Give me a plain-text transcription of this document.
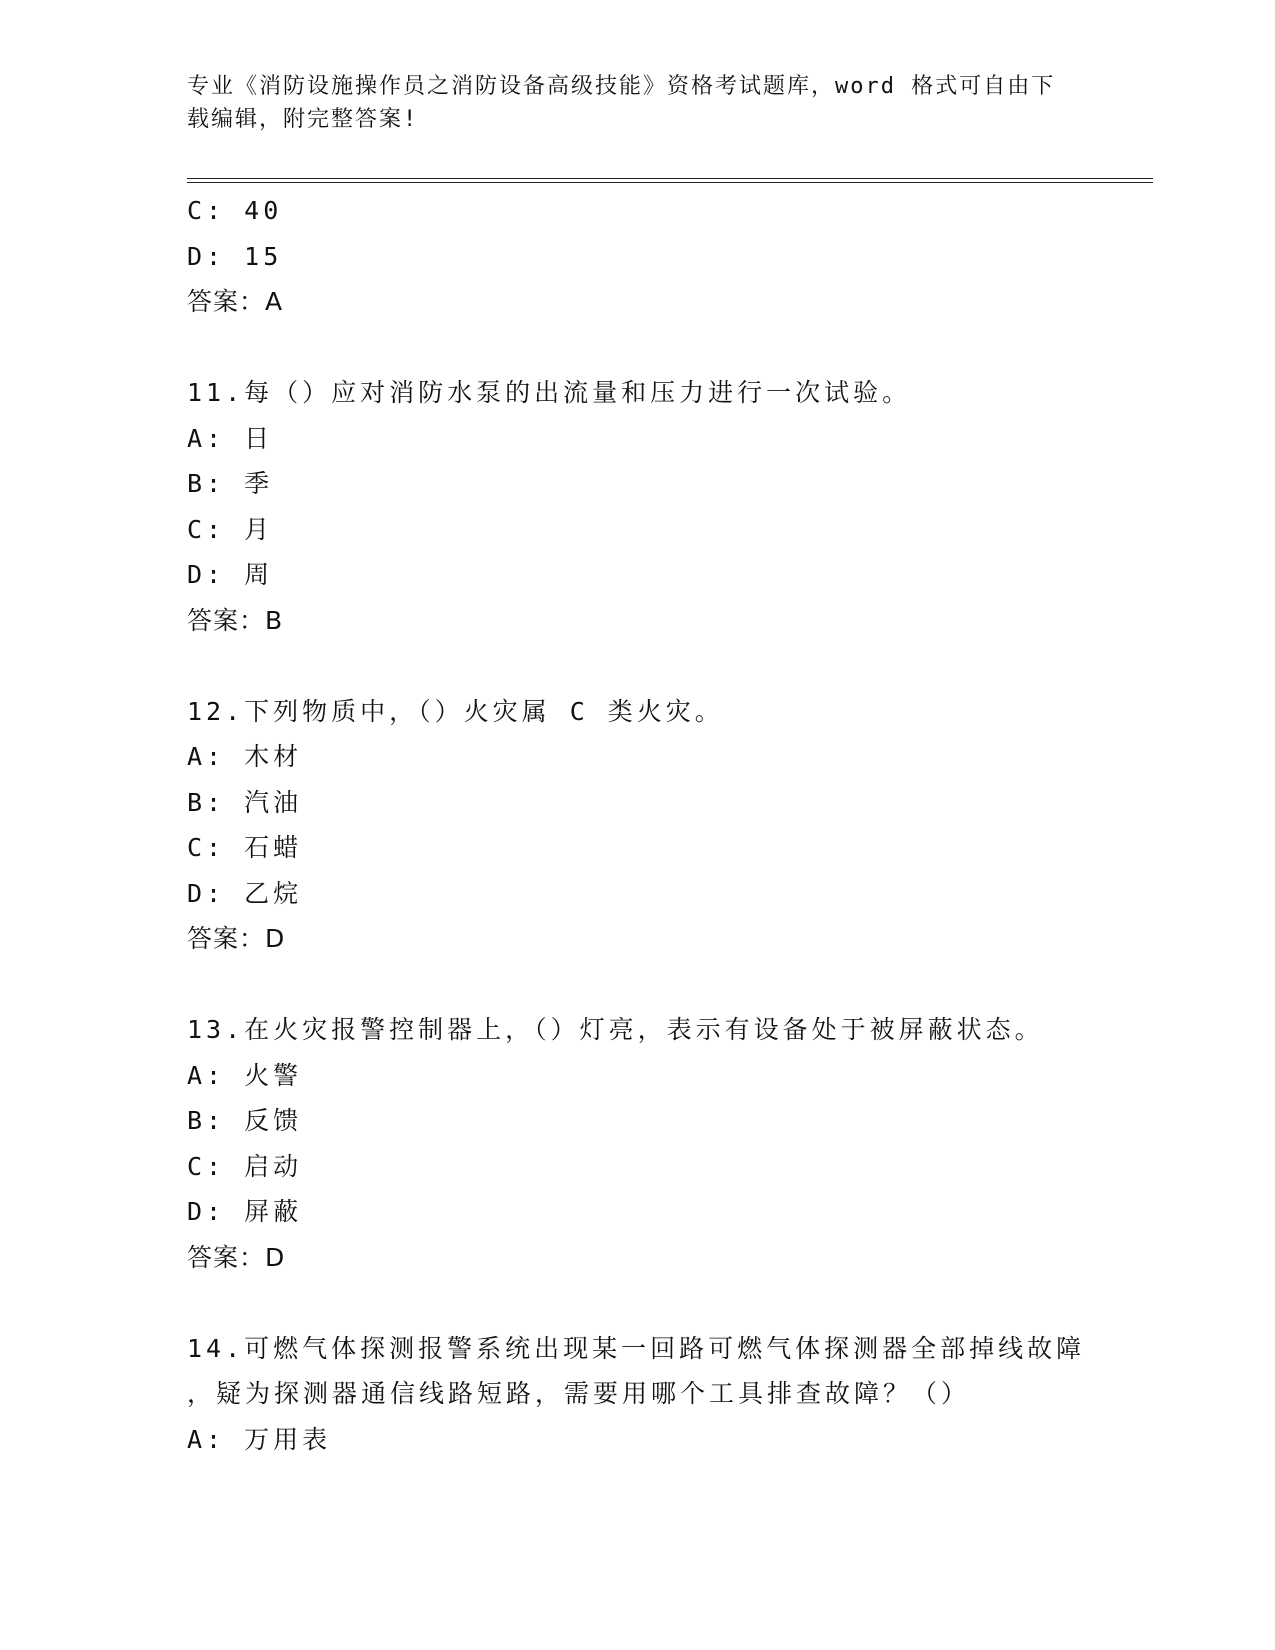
专业《消防设施操作员之消防设备高级技能》资格考试题库，word 格式可自由下载编辑，附完整答案!
C: 40
D: 15
答案：A
11.每（）应对消防水泵的出流量和压力进行一次试验。
A: 日
B: 季
C: 月
D: 周
答案：B
12.下列物质中，（）火灾属 C 类火灾。
A: 木材
B: 汽油
C: 石蜡
D: 乙烷
答案：D
13.在火灾报警控制器上，（）灯亮，表示有设备处于被屏蔽状态。
A: 火警
B: 反馈
C: 启动
D: 屏蔽
答案：D
14.可燃气体探测报警系统出现某一回路可燃气体探测器全部掉线故障
，疑为探测器通信线路短路，需要用哪个工具排查故障？（）
A: 万用表
